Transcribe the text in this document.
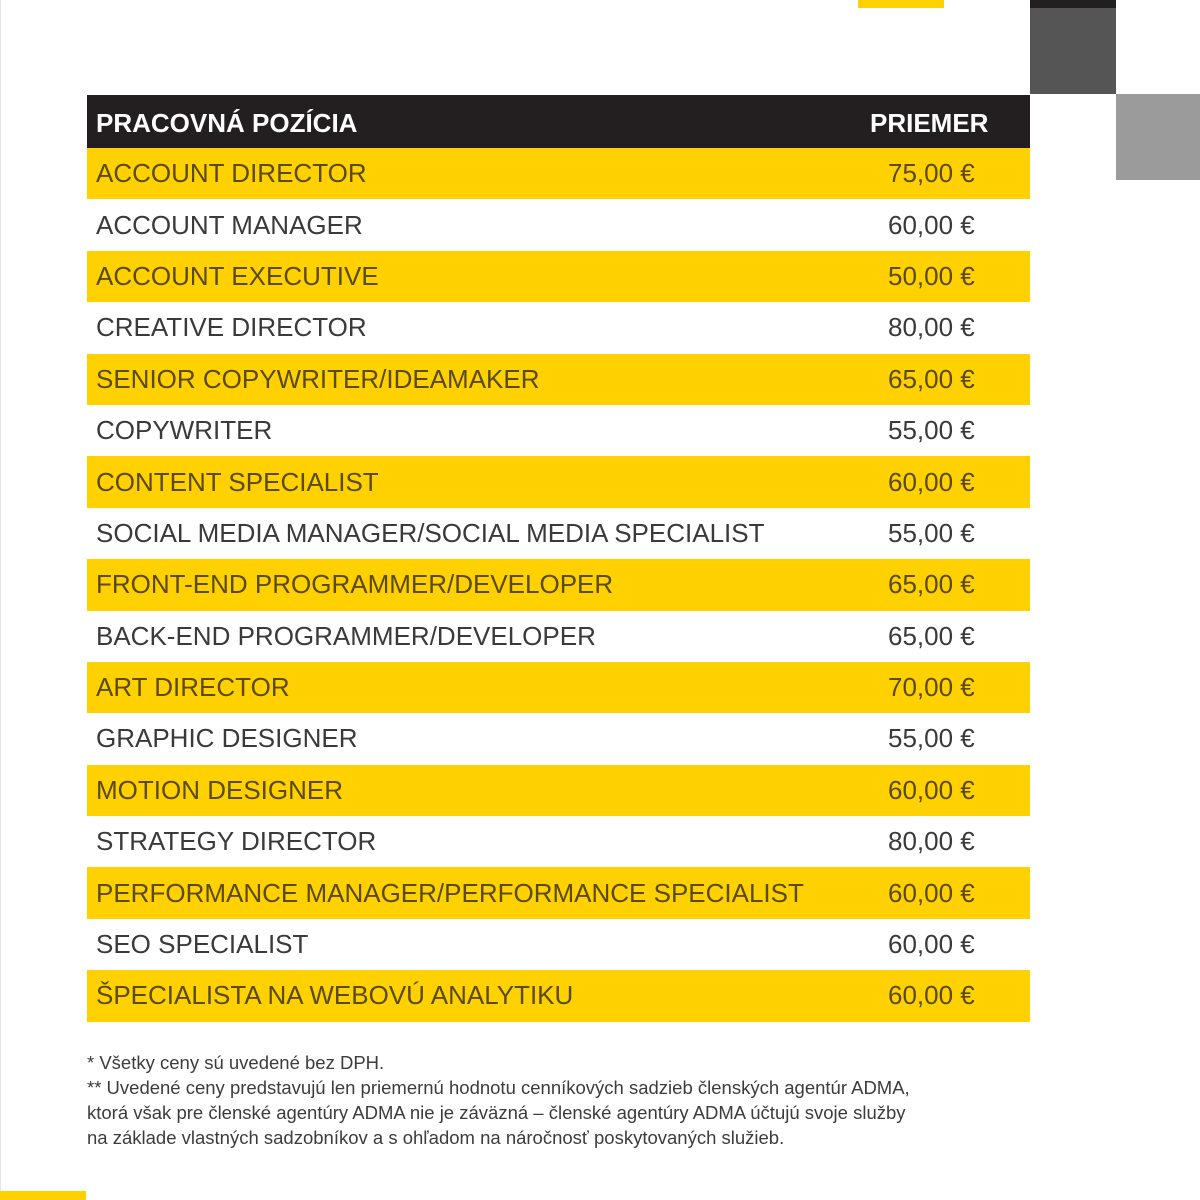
PRACOVNÁ POZÍCIA	PRIEMER
ACCOUNT DIRECTOR	75,00 €
ACCOUNT MANAGER	60,00 €
ACCOUNT EXECUTIVE	50,00 €
CREATIVE DIRECTOR	80,00 €
SENIOR COPYWRITER/IDEAMAKER	65,00 €
COPYWRITER	55,00 €
CONTENT SPECIALIST	60,00 €
SOCIAL MEDIA MANAGER/SOCIAL MEDIA SPECIALIST	55,00 €
FRONT-END PROGRAMMER/DEVELOPER	65,00 €
BACK-END PROGRAMMER/DEVELOPER	65,00 €
ART DIRECTOR	70,00 €
GRAPHIC DESIGNER	55,00 €
MOTION DESIGNER	60,00 €
STRATEGY DIRECTOR	80,00 €
PERFORMANCE MANAGER/PERFORMANCE SPECIALIST	60,00 €
SEO SPECIALIST	60,00 €
ŠPECIALISTA NA WEBOVÚ ANALYTIKU	60,00 €

* Všetky ceny sú uvedené bez DPH.

** Uvedené ceny predstavujú len priemernú hodnotu cenníkových sadzieb členských agentúr ADMA,

ktorá však pre členské agentúry ADMA nie je záväzná – členské agentúry ADMA účtujú svoje služby

na základe vlastných sadzobníkov a s ohľadom na náročnosť poskytovaných služieb.
